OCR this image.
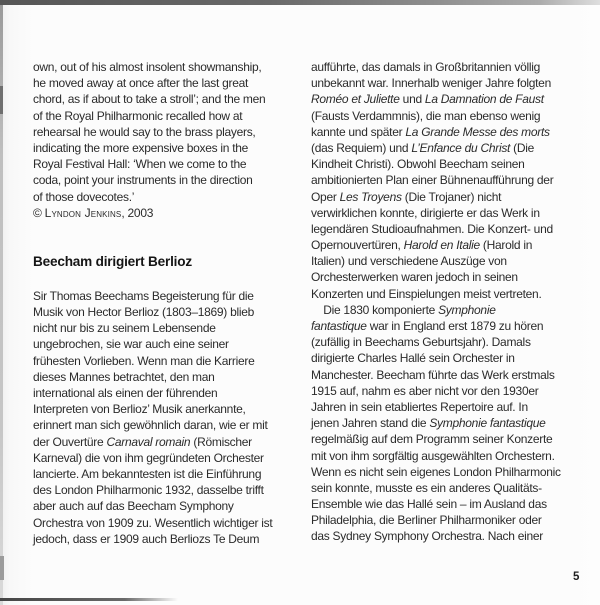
own, out of his almost insolent showmanship,
he moved away at once after the last great
chord, as if about to take a stroll’; and the men
of the Royal Philharmonic recalled how at
rehearsal he would say to the brass players,
indicating the more expensive boxes in the
Royal Festival Hall: ‘When we come to the
coda, point your instruments in the direction
of those dovecotes.’
© Lyndon Jenkins, 2003
Beecham dirigiert Berlioz
Sir Thomas Beechams Begeisterung für die
Musik von Hector Berlioz (1803–1869) blieb
nicht nur bis zu seinem Lebensende
ungebrochen, sie war auch eine seiner
frühesten Vorlieben. Wenn man die Karriere
dieses Mannes betrachtet, den man
international als einen der führenden
Interpreten von Berlioz’ Musik anerkannte,
erinnert man sich gewöhnlich daran, wie er mit
der Ouvertüre Carnaval romain (Römischer
Karneval) die von ihm gegründeten Orchester
lancierte. Am bekanntesten ist die Einführung
des London Philharmonic 1932, dasselbe trifft
aber auch auf das Beecham Symphony
Orchestra von 1909 zu. Wesentlich wichtiger ist
jedoch, dass er 1909 auch Berliozs Te Deum
aufführte, das damals in Großbritannien völlig
unbekannt war. Innerhalb weniger Jahre folgten
Roméo et Juliette und La Damnation de Faust
(Fausts Verdammnis), die man ebenso wenig
kannte und später La Grande Messe des morts
(das Requiem) und L’Enfance du Christ (Die
Kindheit Christi). Obwohl Beecham seinen
ambitionierten Plan einer Bühnenaufführung der
Oper Les Troyens (Die Trojaner) nicht
verwirklichen konnte, dirigierte er das Werk in
legendären Studioaufnahmen. Die Konzert- und
Opernouvertüren, Harold en Italie (Harold in
Italien) und verschiedene Auszüge von
Orchesterwerken waren jedoch in seinen
Konzerten und Einspielungen meist vertreten.
Die 1830 komponierte Symphonie
fantastique war in England erst 1879 zu hören
(zufällig in Beechams Geburtsjahr). Damals
dirigierte Charles Hallé sein Orchester in
Manchester. Beecham führte das Werk erstmals
1915 auf, nahm es aber nicht vor den 1930er
Jahren in sein etabliertes Repertoire auf. In
jenen Jahren stand die Symphonie fantastique
regelmäßig auf dem Programm seiner Konzerte
mit von ihm sorgfältig ausgewählten Orchestern.
Wenn es nicht sein eigenes London Philharmonic
sein konnte, musste es ein anderes Qualitäts-
Ensemble wie das Hallé sein – im Ausland das
Philadelphia, die Berliner Philharmoniker oder
das Sydney Symphony Orchestra. Nach einer
5
